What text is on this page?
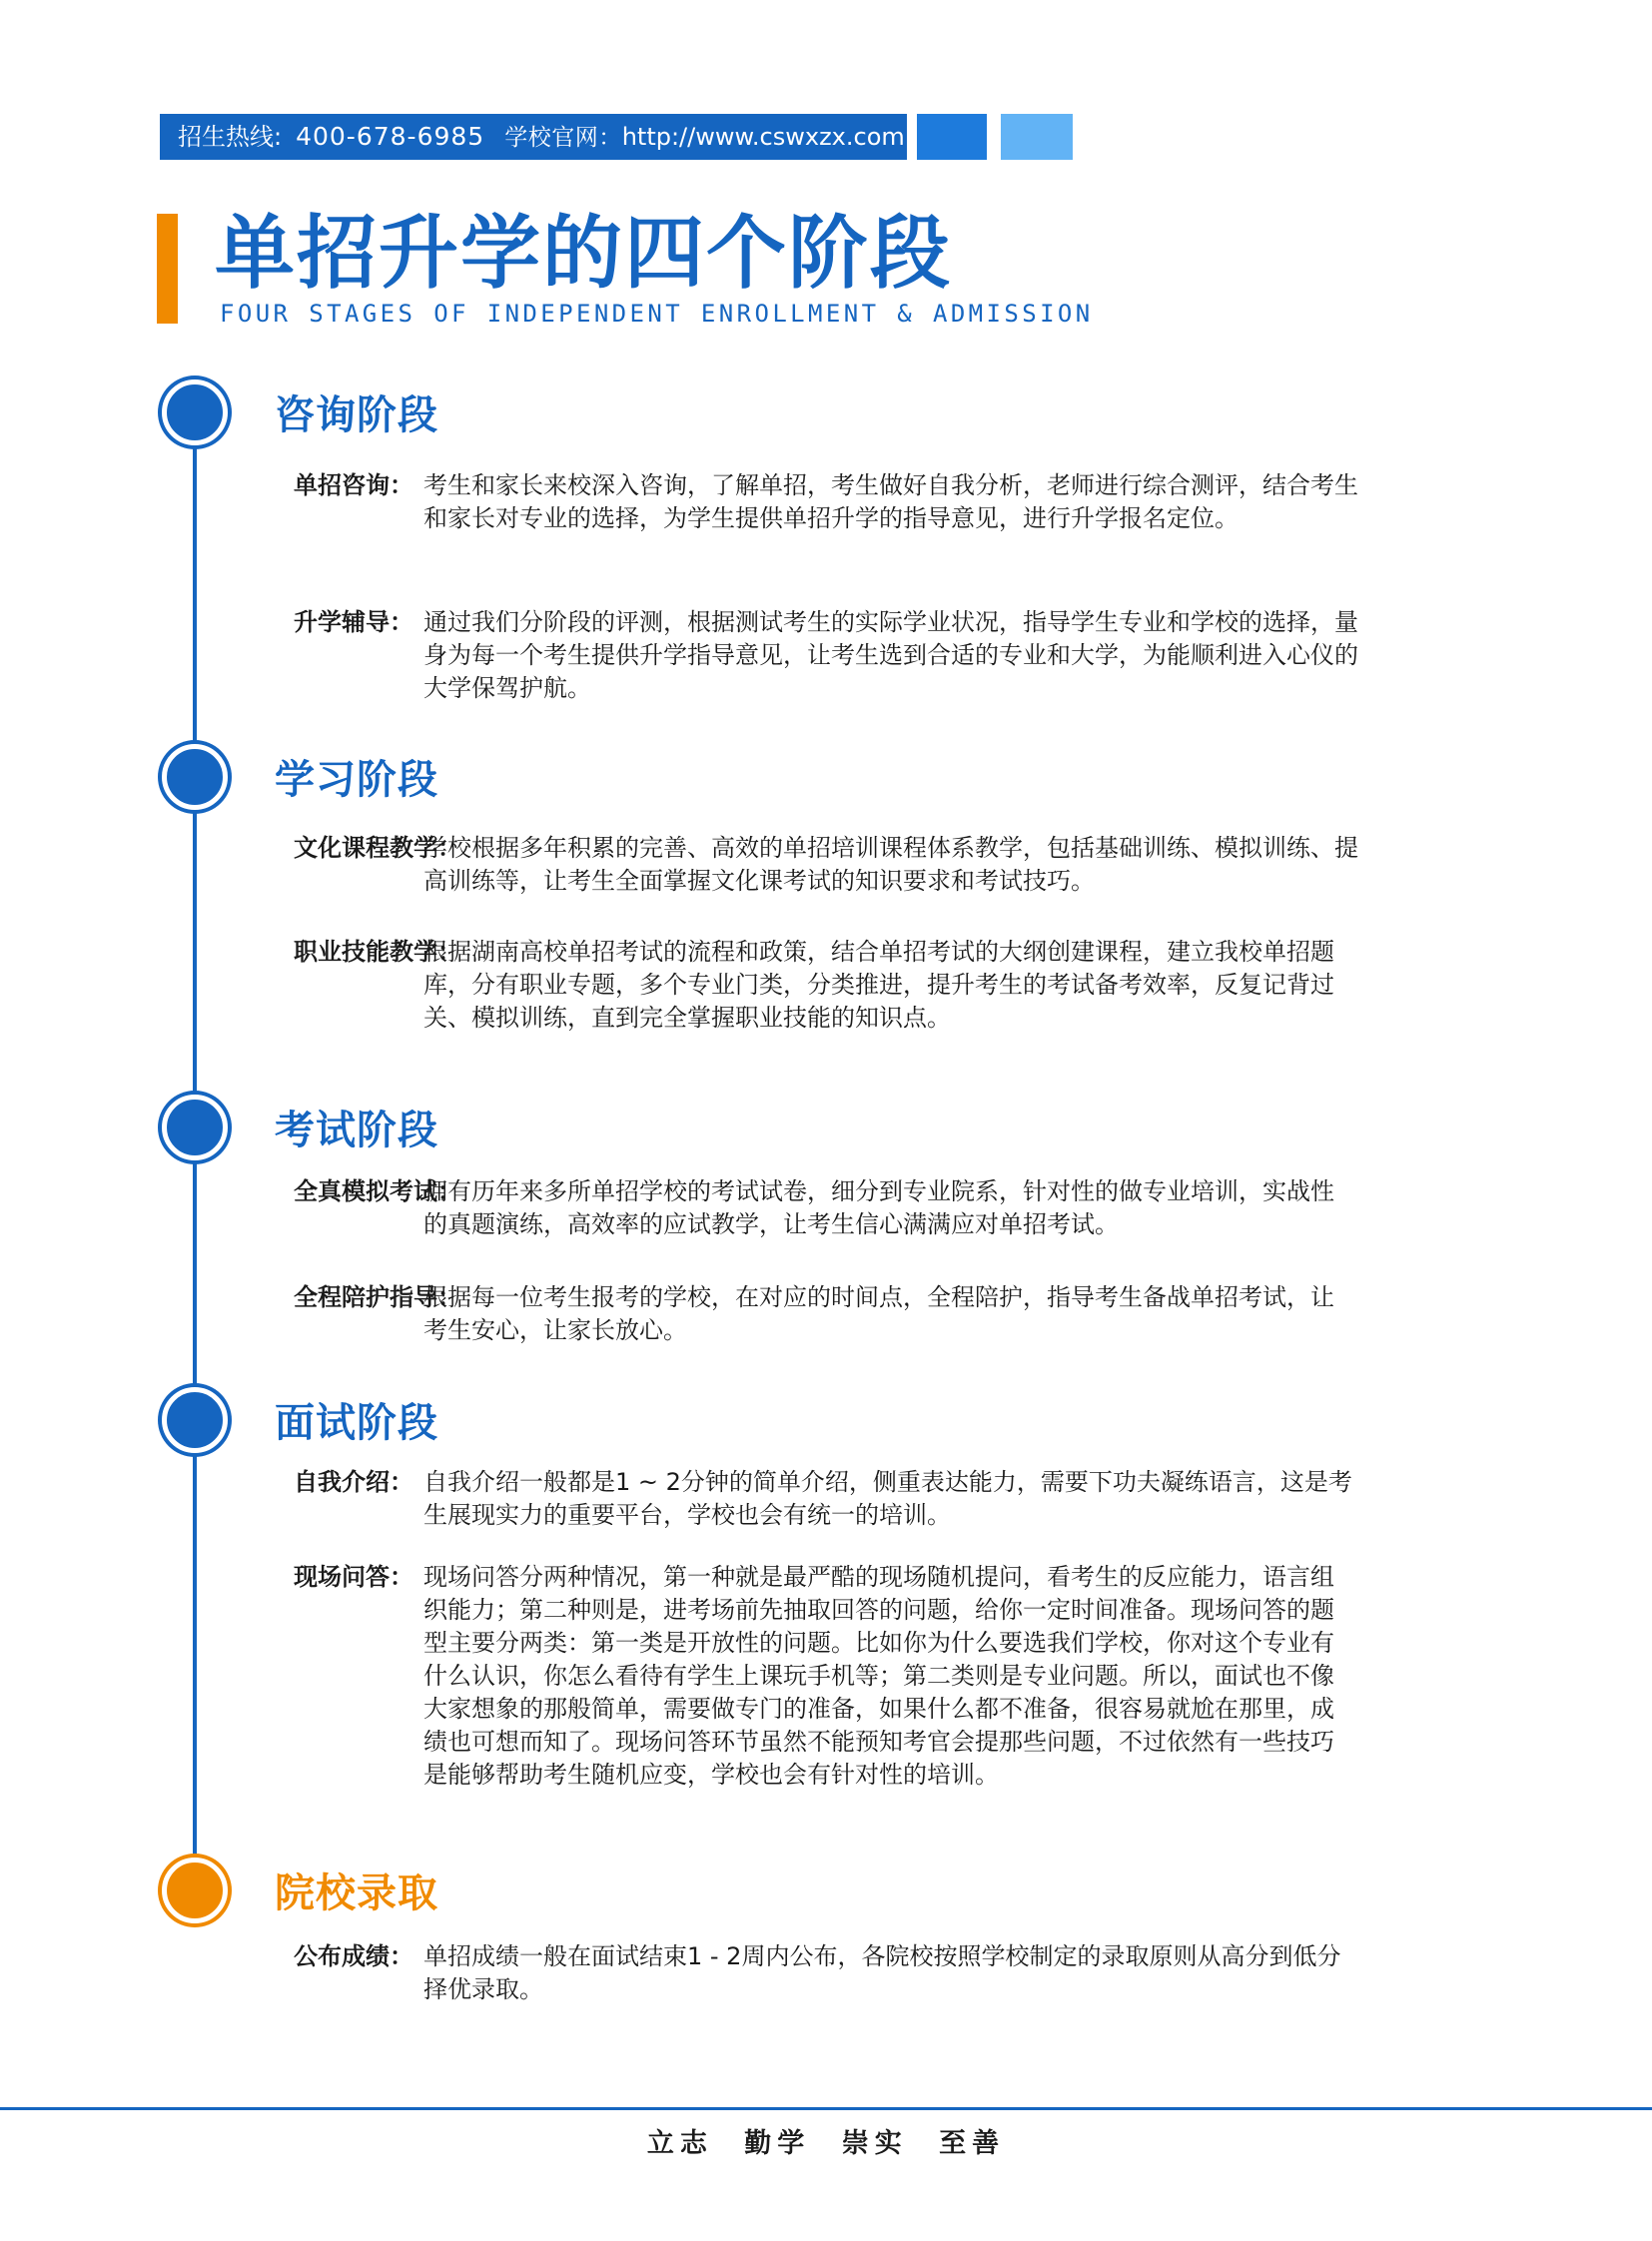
招生热线: 400-678-6985 学校官网：http://www.cswxzx.com
单招升学的四个阶段
FOUR STAGES OF INDEPENDENT ENROLLMENT & ADMISSION
咨询阶段
单招咨询： 考生和家长来校深入咨询，了解单招，考生做好自我分析，老师进行综合测评，结合考生和家长对专业的选择，为学生提供单招升学的指导意见，进行升学报名定位。
升学辅导： 通过我们分阶段的评测，根据测试考生的实际学业状况，指导学生专业和学校的选择，量身为每一个考生提供升学指导意见，让考生选到合适的专业和大学，为能顺利进入心仪的大学保驾护航。
学习阶段
文化课程教学：
学校根据多年积累的完善、高效的单招培训课程体系教学，包括基础训练、模拟训练、提高训练等，让考生全面掌握文化课考试的知识要求和考试技巧。
职业技能教学：
根据湖南高校单招考试的流程和政策，结合单招考试的大纲创建课程，建立我校单招题库，分有职业专题，多个专业门类，分类推进，提升考生的考试备考效率，反复记背过关、模拟训练，直到完全掌握职业技能的知识点。
考试阶段
全真模拟考试：
拥有历年来多所单招学校的考试试卷，细分到专业院系，针对性的做专业培训，实战性的真题演练，高效率的应试教学，让考生信心满满应对单招考试。
全程陪护指导：
根据每一位考生报考的学校，在对应的时间点，全程陪护，指导考生备战单招考试，让考生安心，让家长放心。
面试阶段
自我介绍： 自我介绍一般都是1 ~ 2分钟的简单介绍，侧重表达能力，需要下功夫凝练语言，这是考生展现实力的重要平台，学校也会有统一的培训。
现场问答： 现场问答分两种情况，第一种就是最严酷的现场随机提问，看考生的反应能力，语言组织能力；第二种则是，进考场前先抽取回答的问题，给你一定时间准备。现场问答的题型主要分两类：第一类是开放性的问题。比如你为什么要选我们学校，你对这个专业有什么认识，你怎么看待有学生上课玩手机等；第二类则是专业问题。所以，面试也不像大家想象的那般简单，需要做专门的准备，如果什么都不准备，很容易就尬在那里，成绩也可想而知了。现场问答环节虽然不能预知考官会提那些问题，不过依然有一些技巧是能够帮助考生随机应变，学校也会有针对性的培训。
院校录取
公布成绩： 单招成绩一般在面试结束1 - 2周内公布，各院校按照学校制定的录取原则从高分到低分择优录取。
立志 勤学 崇实 至善
